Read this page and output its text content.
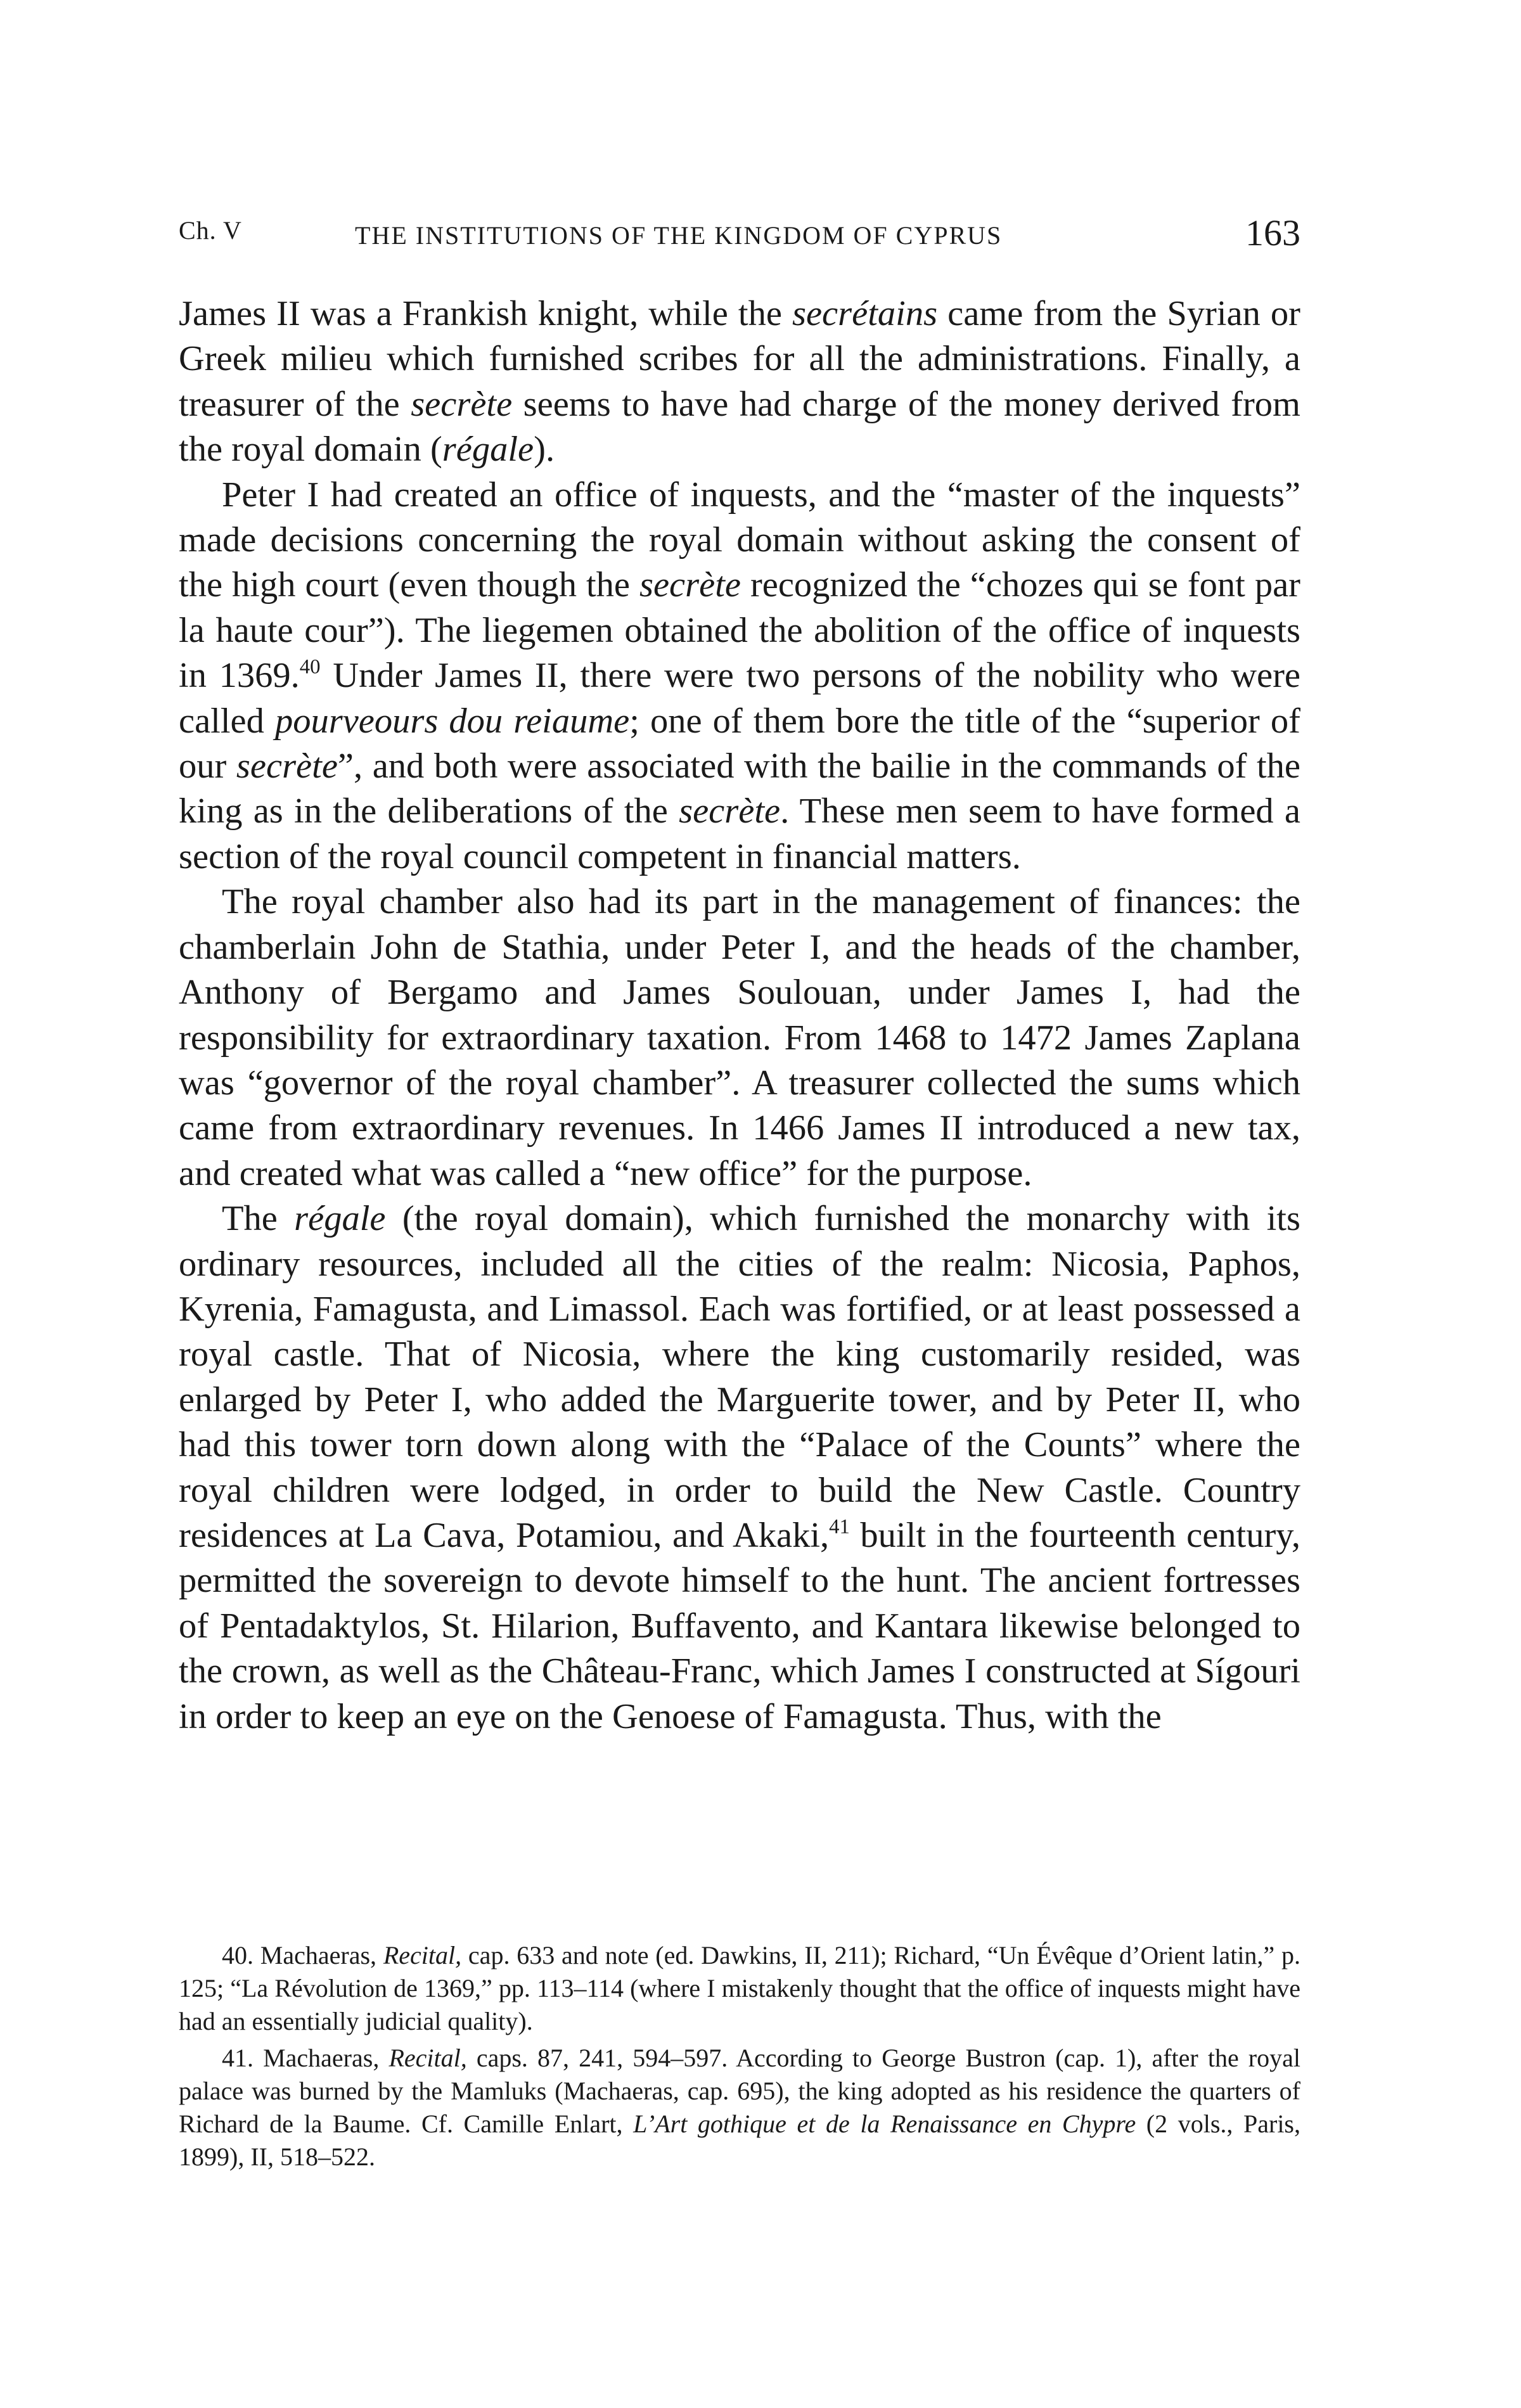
Ch. V	THE INSTITUTIONS OF THE KINGDOM OF CYPRUS	163

James II was a Frankish knight, while the secrétains came from the Syrian or Greek milieu which furnished scribes for all the administrations. Finally, a treasurer of the secrète seems to have had charge of the money derived from the royal domain (régale).

Peter I had created an office of inquests, and the “master of the inquests” made decisions concerning the royal domain without asking the consent of the high court (even though the secrète recognized the “chozes qui se font par la haute cour”). The liegemen obtained the abolition of the office of inquests in 1369.40 Under James II, there were two persons of the nobility who were called pourveours dou reiaume; one of them bore the title of the “superior of our secrète”, and both were associated with the bailie in the commands of the king as in the deliberations of the secrète. These men seem to have formed a section of the royal council competent in financial matters.

The royal chamber also had its part in the management of finances: the chamberlain John de Stathia, under Peter I, and the heads of the chamber, Anthony of Bergamo and James Soulouan, under James I, had the responsibility for extraordinary taxation. From 1468 to 1472 James Zaplana was “governor of the royal chamber”. A treasurer collected the sums which came from extraordinary revenues. In 1466 James II introduced a new tax, and created what was called a “new office” for the purpose.

The régale (the royal domain), which furnished the monarchy with its ordinary resources, included all the cities of the realm: Nicosia, Paphos, Kyrenia, Famagusta, and Limassol. Each was fortified, or at least possessed a royal castle. That of Nicosia, where the king customarily resided, was enlarged by Peter I, who added the Marguerite tower, and by Peter II, who had this tower torn down along with the “Palace of the Counts” where the royal children were lodged, in order to build the New Castle. Country residences at La Cava, Potamiou, and Akaki,$^{41}$ built in the fourteenth century, permitted the sovereign to devote himself to the hunt. The ancient fortresses of Pentadaktylos, St. Hilarion, Buffavento, and Kantara likewise belonged to the crown, as well as the Château-Franc, which James I constructed at Sígouri in order to keep an eye on the Genoese of Famagusta. Thus, with the

40. Machaeras, Recital, cap. 633 and note (ed. Dawkins, II, 211); Richard, “Un Évêque d’Orient latin,” p. 125; “La Révolution de 1369,” pp. 113–114 (where I mistakenly thought that the office of inquests might have had an essentially judicial quality).

41. Machaeras, Recital, caps. 87, 241, 594–597. According to George Bustron (cap. 1), after the royal palace was burned by the Mamluks (Machaeras, cap. 695), the king adopted as his residence the quarters of Richard de la Baume. Cf. Camille Enlart, L’Art gothique et de la Renaissance en Chypre (2 vols., Paris, 1899), II, 518–522.
